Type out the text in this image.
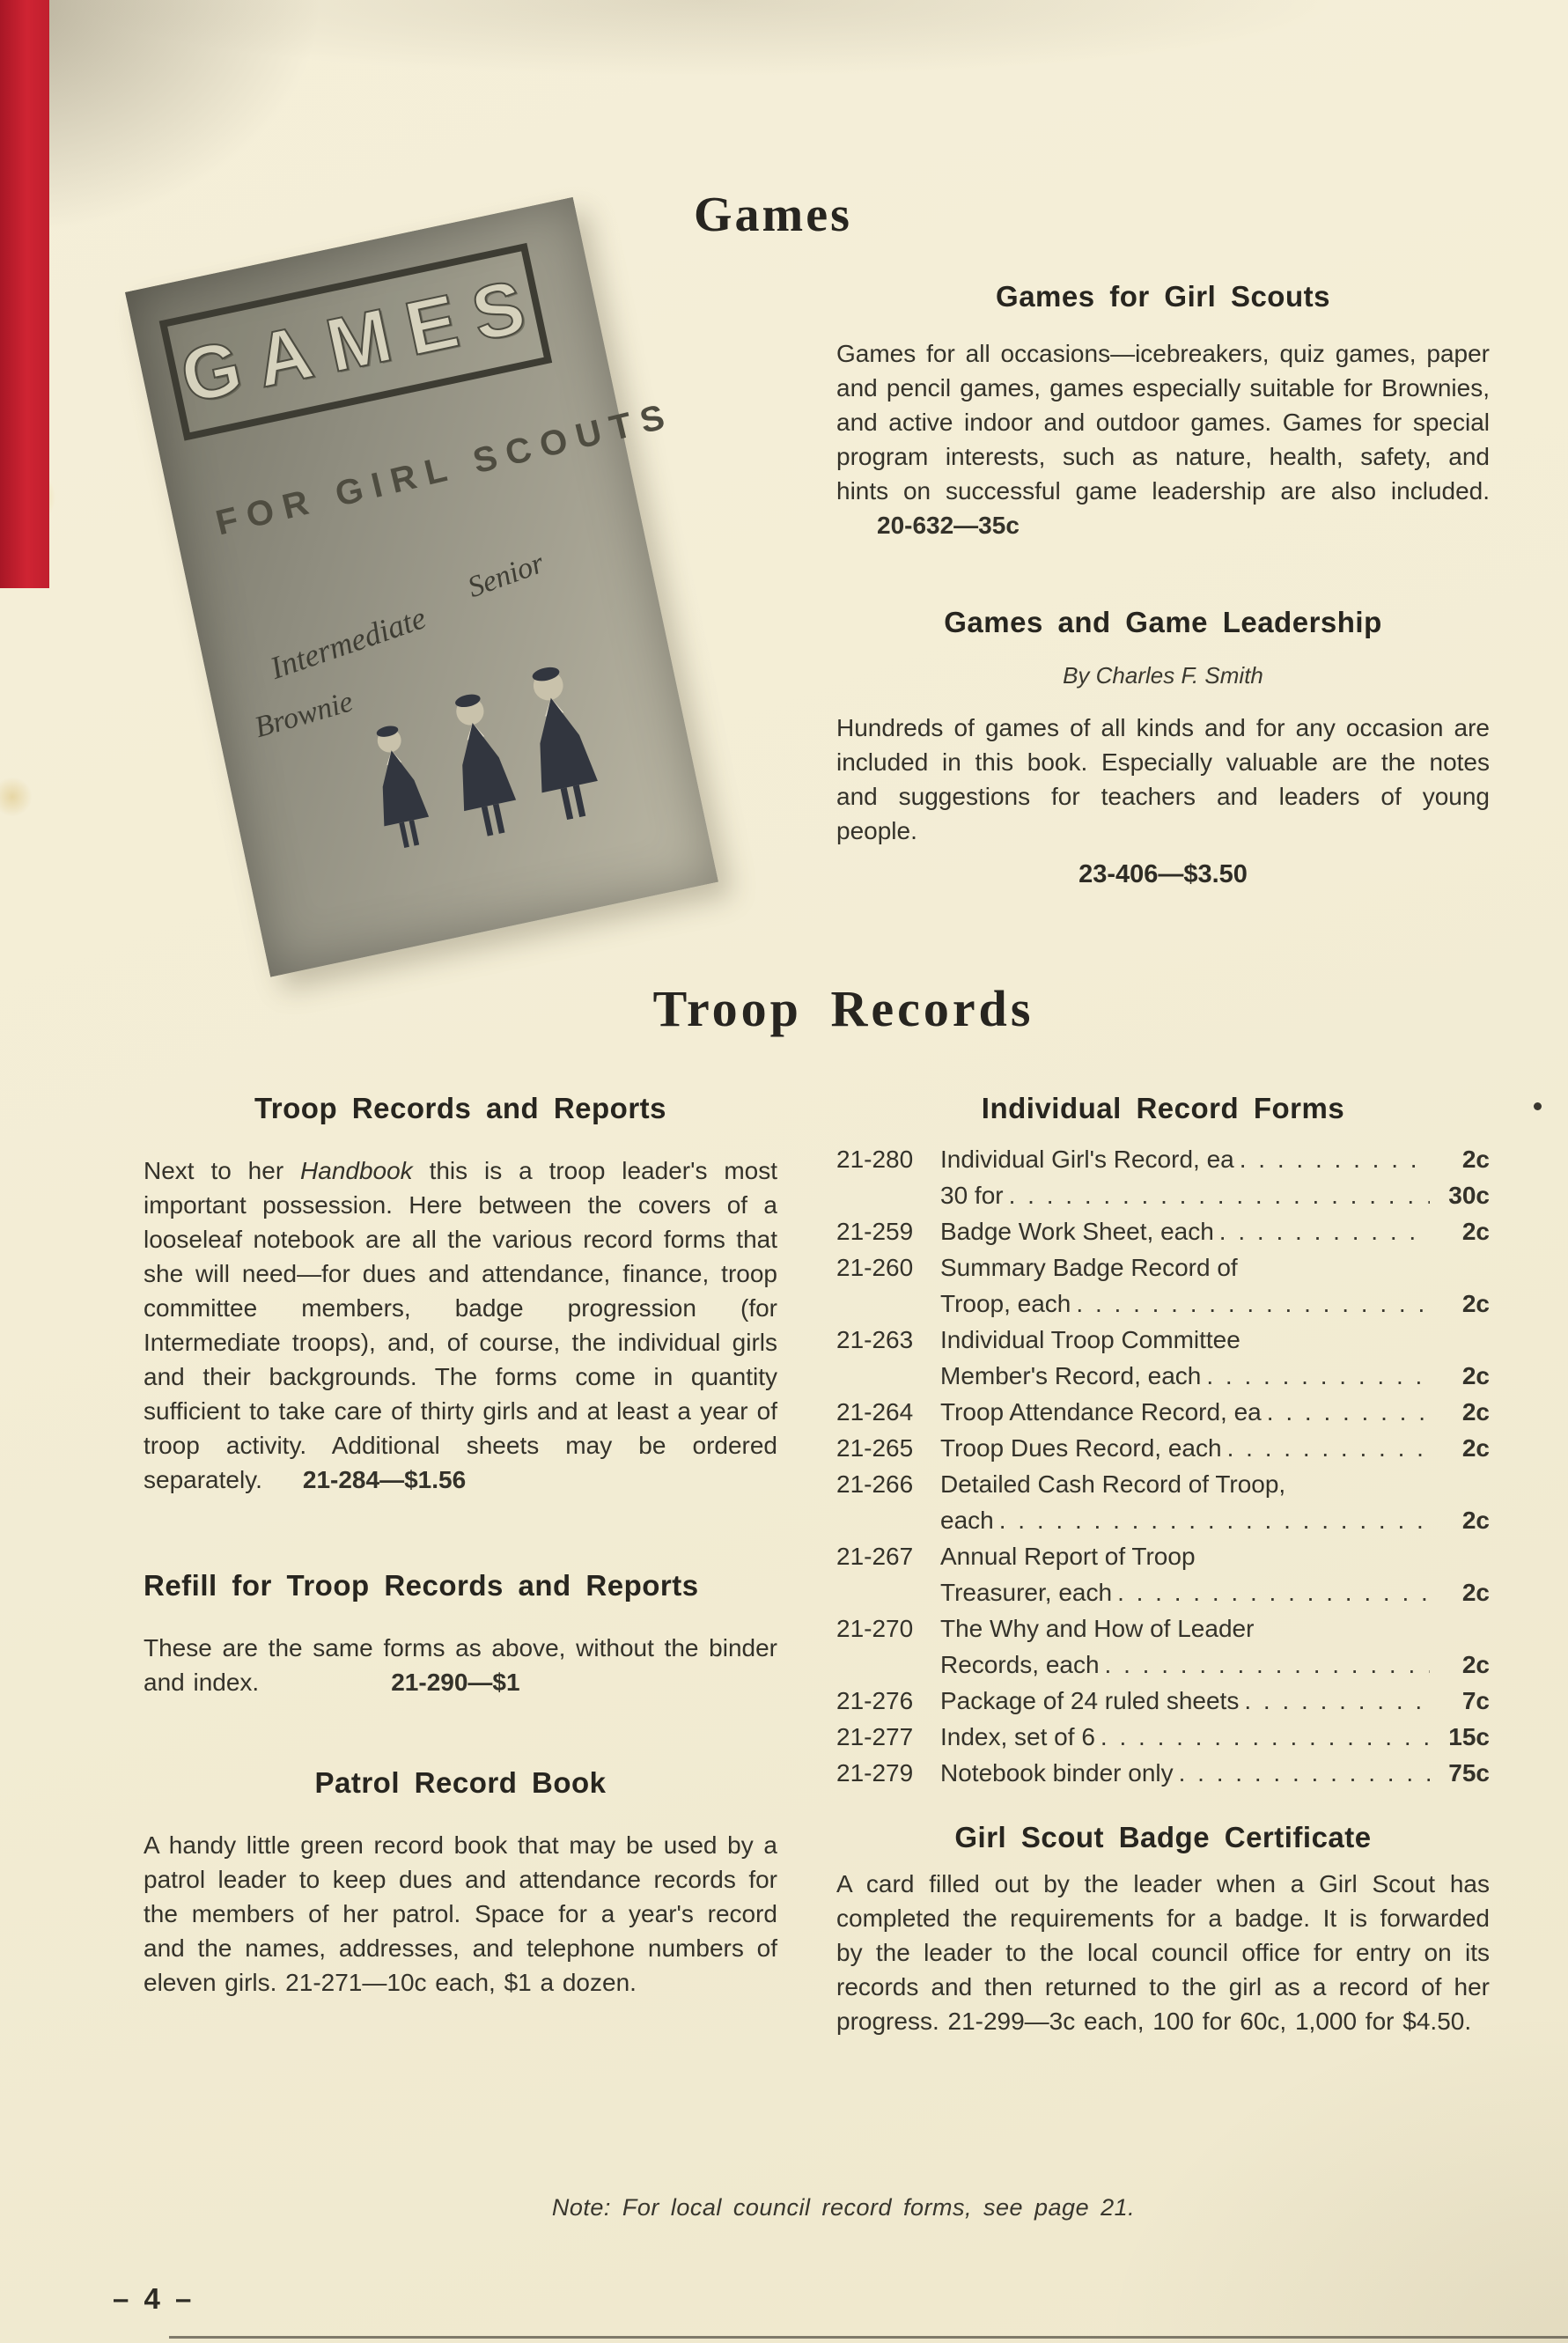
GAMES
FOR GIRL SCOUTS
Intermediate
Senior
Brownie
Games
Troop Records
Games for Girl Scouts

Games for all occasions—icebreakers, quiz games, paper and pencil games, games especially suitable for Brownies, and active indoor and outdoor games. Games for special program interests, such as nature, health, safety, and hints on successful game leadership are also included.20-632—35c

Games and Game Leadership
By Charles F. Smith

Hundreds of games of all kinds and for any occasion are included in this book. Especially valuable are the notes and suggestions for teachers and leaders of young people.

23-406—$3.50
Troop Records and Reports

Next to her Handbook this is a troop leader's most important possession. Here between the covers of a looseleaf notebook are all the various record forms that she will need—for dues and attendance, finance, troop committee members, badge progression (for Intermediate troops), and, of course, the individual girls and their backgrounds. The forms come in quantity sufficient to take care of thirty girls and at least a year of troop activity. Additional sheets may be ordered separately. 21-284—$1.56

Refill for Troop Records and Reports

These are the same forms as above, without the binder and index.	21-290—$1

Patrol Record Book

A handy little green record book that may be used by a patrol leader to keep dues and attendance records for the members of her patrol. Space for a year's record and the names, addresses, and telephone numbers of eleven girls. 21-271—10c each, $1 a dozen.

Individual Record Forms
21-280	Individual Girl's Record, ea . . .	2c
30 for . . .	30c
21-259	Badge Work Sheet, each . . .	2c
21-260	Summary Badge Record of
Troop, each . . .	2c
21-263	Individual Troop Committee
Member's Record, each . . .	2c
21-264	Troop Attendance Record, ea . . .	2c
21-265	Troop Dues Record, each . . .	2c
21-266	Detailed Cash Record of Troop,
each . . .	2c
21-267	Annual Report of Troop
Treasurer, each . . .	2c
21-270	The Why and How of Leader
Records, each . . .	2c
21-276	Package of 24 ruled sheets . . .	7c
21-277	Index, set of 6 . . .	15c
21-279	Notebook binder only . . .	75c
Girl Scout Badge Certificate

A card filled out by the leader when a Girl Scout has completed the requirements for a badge. It is forwarded by the leader to the local council office for entry on its records and then returned to the girl as a record of her progress. 21-299—3c each, 100 for 60c, 1,000 for $4.50.

Note: For local council record forms, see page 21.
– 4 –
